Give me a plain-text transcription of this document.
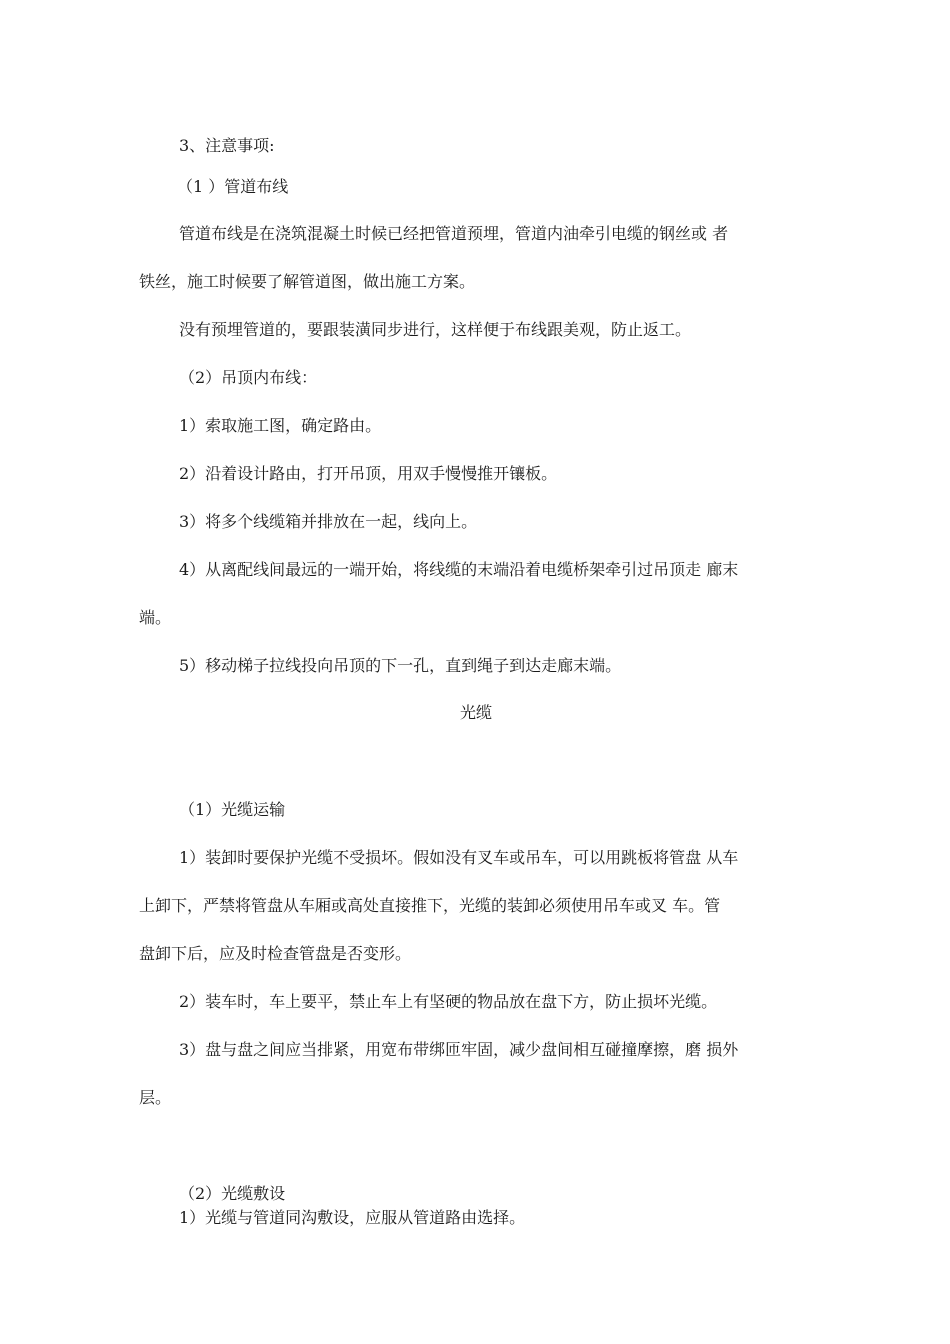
3、注意事项:
（1 ）管道布线
管道布线是在浇筑混凝土时候已经把管道预埋，管道内油牵引电缆的钢丝或 者
铁丝，施工时候要了解管道图，做出施工方案。
没有预埋管道的，要跟装潢同步进行，这样便于布线跟美观，防止返工。
（2）吊顶内布线：
1）索取施工图，确定路由。
2）沿着设计路由，打开吊顶，用双手慢慢推开镶板。
3）将多个线缆箱并排放在一起，线向上。
4）从离配线间最远的一端开始，将线缆的末端沿着电缆桥架牵引过吊顶走 廊末
端。
5）移动梯子拉线投向吊顶的下一孔，直到绳子到达走廊末端。
光缆
（1）光缆运输
1）装卸时要保护光缆不受损坏。假如没有叉车或吊车，可以用跳板将管盘 从车
上卸下，严禁将管盘从车厢或高处直接推下，光缆的装卸必须使用吊车或叉 车。管
盘卸下后，应及时检查管盘是否变形。
2）装车时，车上要平，禁止车上有坚硬的物品放在盘下方，防止损坏光缆。
3）盘与盘之间应当排紧，用宽布带绑匝牢固，减少盘间相互碰撞摩擦，磨 损外
层。
（2）光缆敷设
1）光缆与管道同沟敷设，应服从管道路由选择。
